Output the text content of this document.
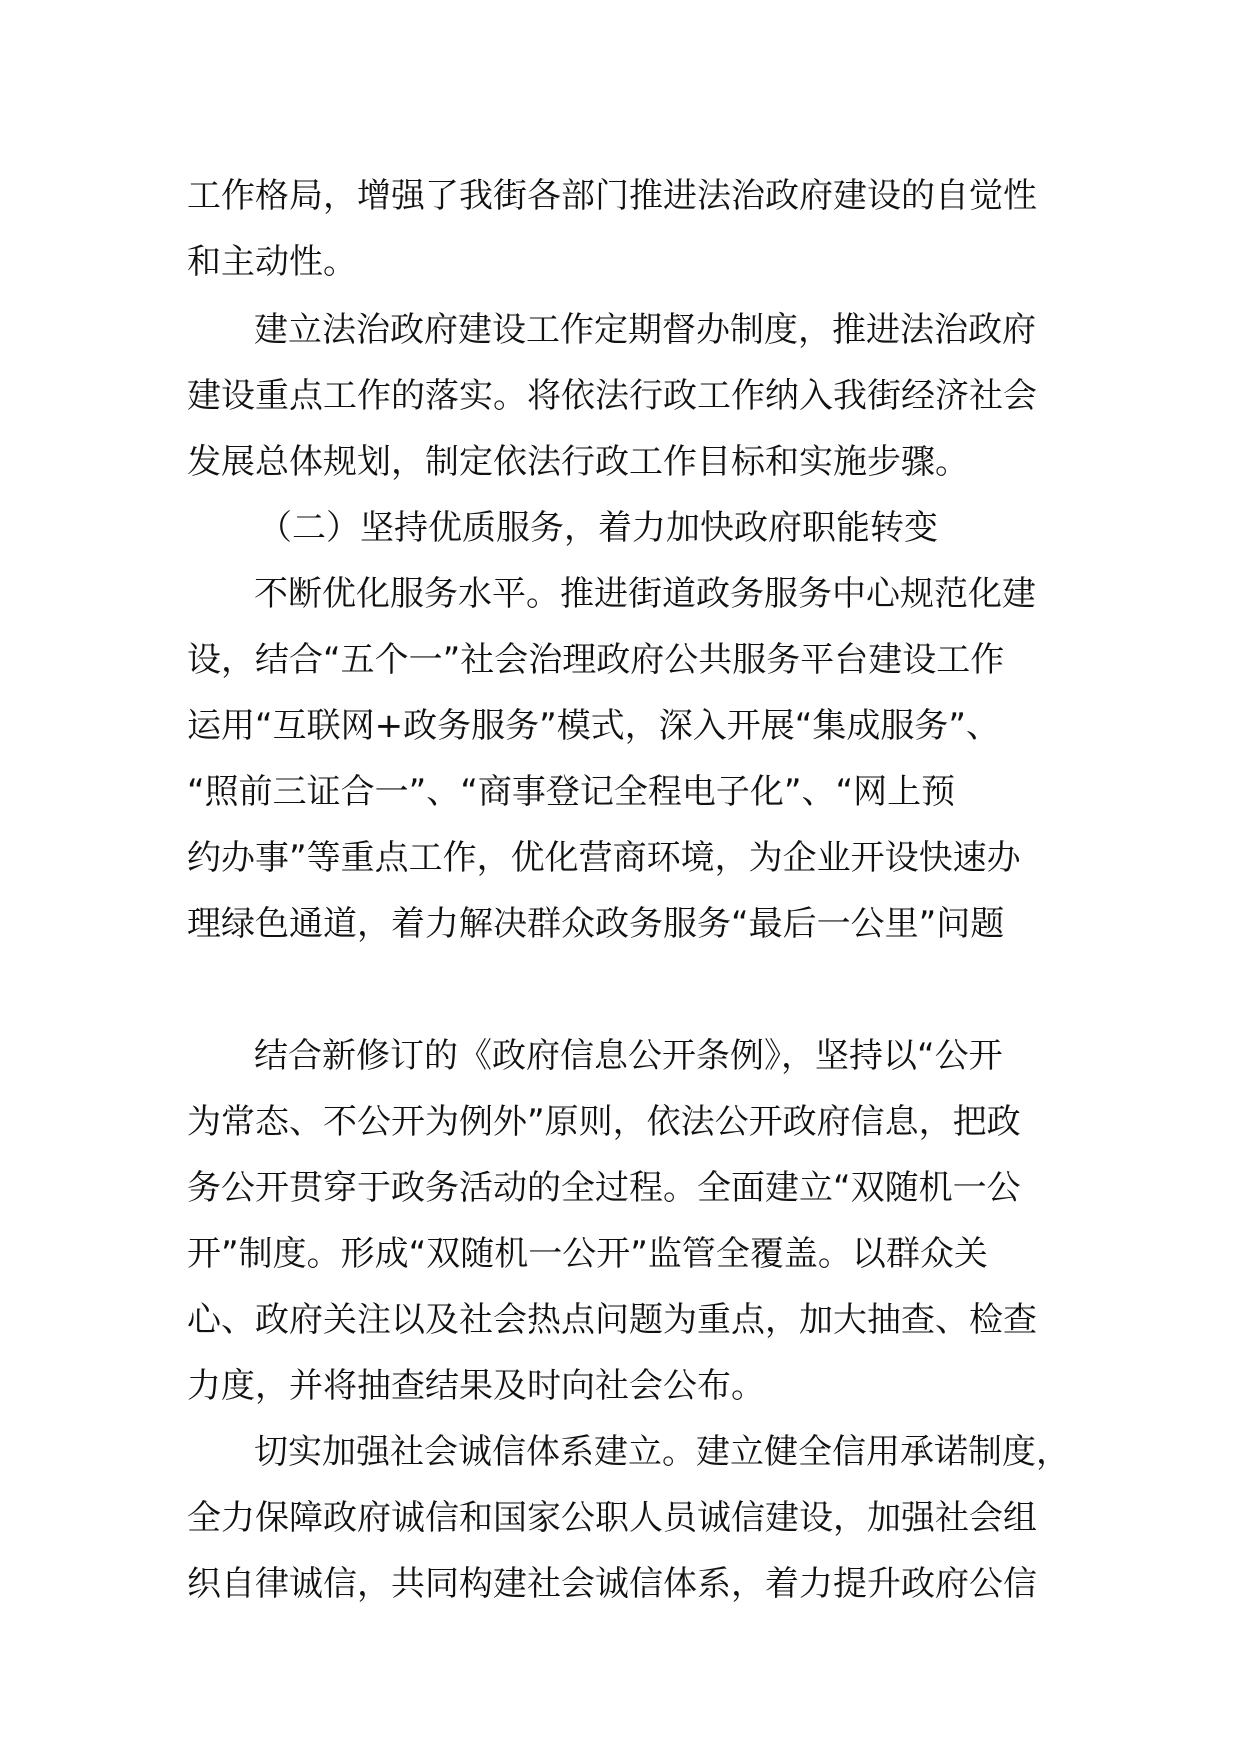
工作格局，增强了我街各部门推进法治政府建设的自觉性
和主动性。
建立法治政府建设工作定期督办制度，推进法治政府
建设重点工作的落实。将依法行政工作纳入我街经济社会
发展总体规划，制定依法行政工作目标和实施步骤。
（二）坚持优质服务，着力加快政府职能转变
不断优化服务水平。推进街道政务服务中心规范化建
设，结合“五个一”社会治理政府公共服务平台建设工作
运用“互联网+政务服务”模式，深入开展“集成服务”、
“照前三证合一”、“商事登记全程电子化”、“网上预
约办事”等重点工作，优化营商环境，为企业开设快速办
理绿色通道，着力解决群众政务服务“最后一公里”问题
结合新修订的《政府信息公开条例》，坚持以“公开
为常态、不公开为例外”原则，依法公开政府信息，把政
务公开贯穿于政务活动的全过程。全面建立“双随机一公
开”制度。形成“双随机一公开”监管全覆盖。以群众关
心、政府关注以及社会热点问题为重点，加大抽查、检查
力度，并将抽查结果及时向社会公布。
切实加强社会诚信体系建立。建立健全信用承诺制度，
全力保障政府诚信和国家公职人员诚信建设，加强社会组
织自律诚信，共同构建社会诚信体系，着力提升政府公信
